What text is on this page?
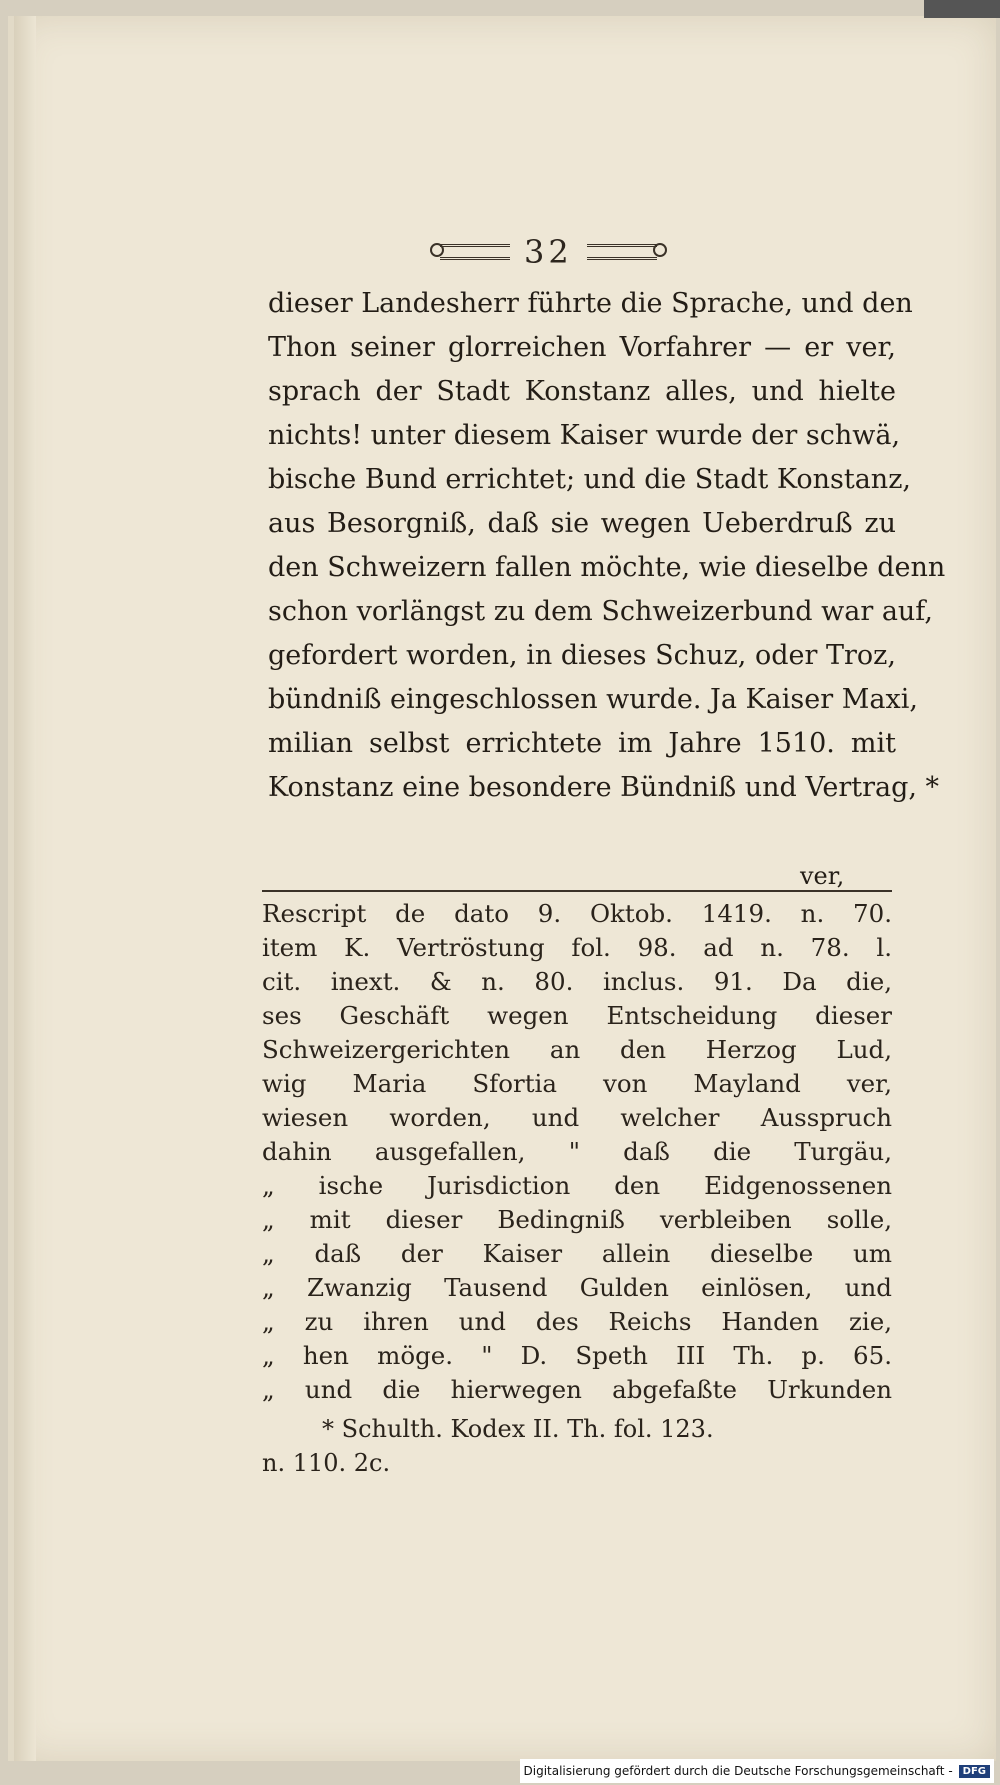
32
dieser Landesherr führte die Sprache, und den
Thon seiner glorreichen Vorfahrer — er ver,
sprach der Stadt Konstanz alles, und hielte
nichts! unter diesem Kaiser wurde der schwä,
bische Bund errichtet; und die Stadt Konstanz,
aus Besorgniß, daß sie wegen Ueberdruß zu
den Schweizern fallen möchte, wie dieselbe denn
schon vorlängst zu dem Schweizerbund war auf,
gefordert worden, in dieses Schuz, oder Troz,
bündniß eingeschlossen wurde. Ja Kaiser Maxi,
milian selbst errichtete im Jahre 1510. mit
Konstanz eine besondere Bündniß und Vertrag, *
ver,
Rescript de dato 9. Oktob. 1419. n. 70.
item K. Vertröstung fol. 98. ad n. 78. l.
cit. inext. & n. 80. inclus. 91. Da die,
ses Geschäft wegen Entscheidung dieser
Schweizergerichten an den Herzog Lud,
wig Maria Sfortia von Mayland ver,
wiesen worden, und welcher Ausspruch
dahin ausgefallen, " daß die Turgäu,
„ ische Jurisdiction den Eidgenossenen
„ mit dieser Bedingniß verbleiben solle,
„ daß der Kaiser allein dieselbe um
„ Zwanzig Tausend Gulden einlösen, und
„ zu ihren und des Reichs Handen zie,
„ hen möge. " D. Speth III Th. p. 65.
„ und die hierwegen abgefaßte Urkunden
* Schulth. Kodex II. Th. fol. 123.
n. 110. 2c.
Digitalisierung gefördert durch die Deutsche Forschungsgemeinschaft -	DFG
